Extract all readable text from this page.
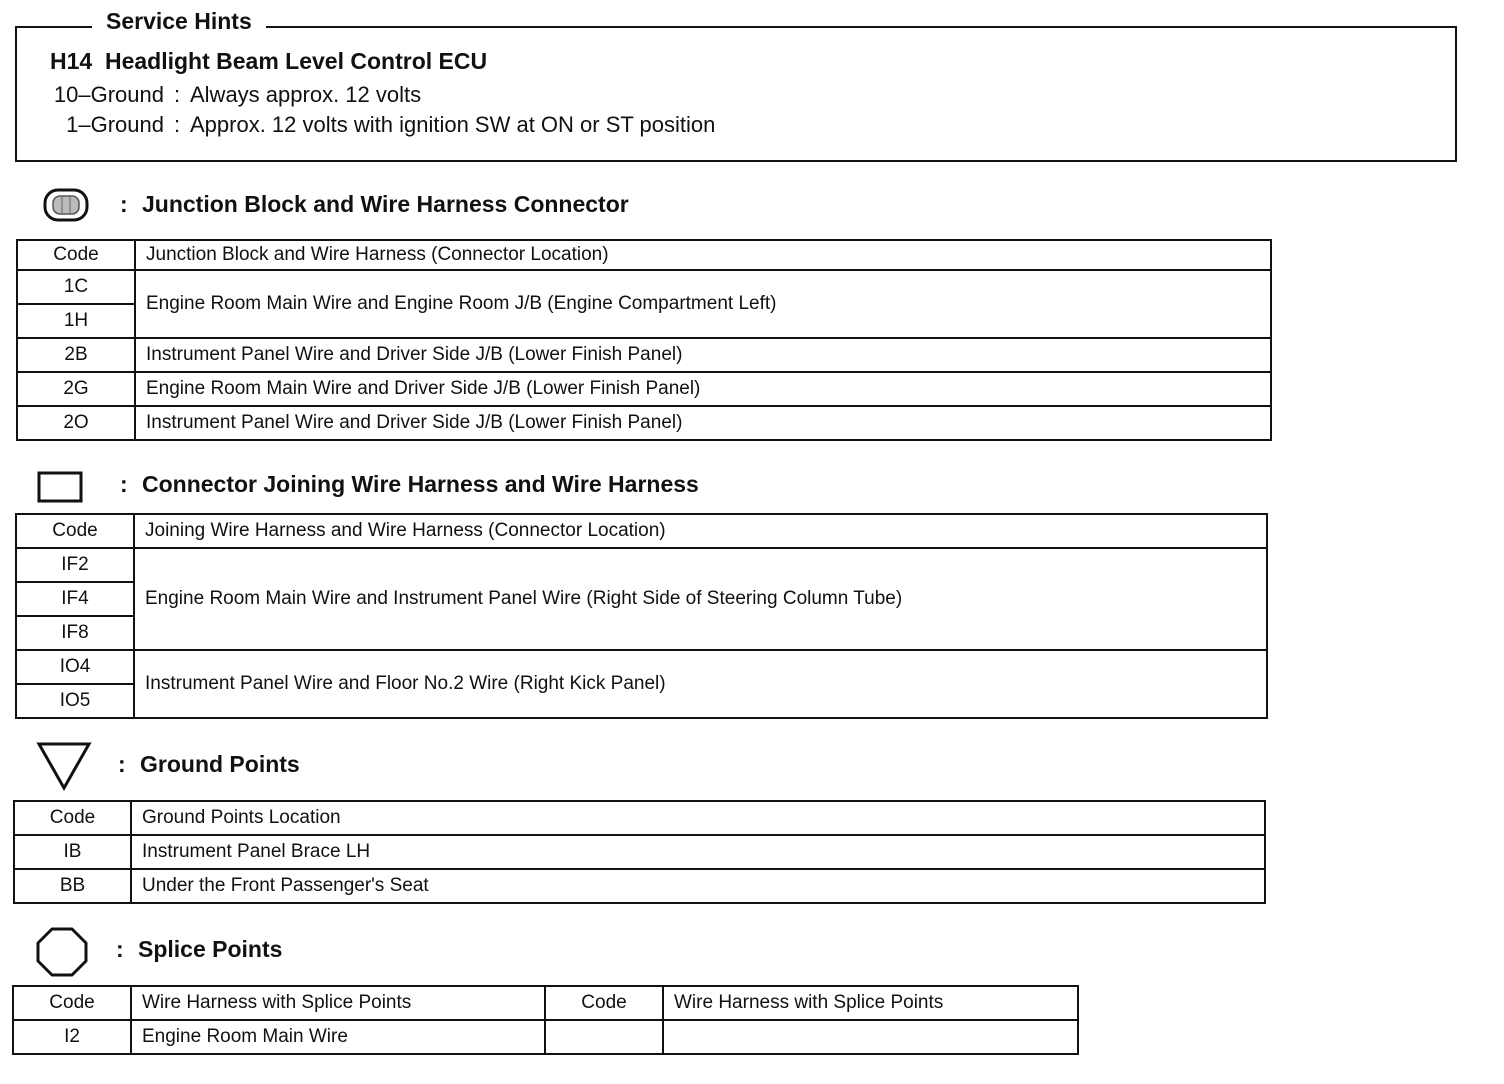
Service Hints
H14  Headlight Beam Level Control ECU
10–Ground : Always approx. 12 volts
1–Ground : Approx. 12 volts with ignition SW at ON or ST position
: Junction Block and Wire Harness Connector
Code	Junction Block and Wire Harness (Connector Location)
1C	Engine Room Main Wire and Engine Room J/B (Engine Compartment Left)
1H	
2B	Instrument Panel Wire and Driver Side J/B (Lower Finish Panel)
2G	Engine Room Main Wire and Driver Side J/B (Lower Finish Panel)
2O	Instrument Panel Wire and Driver Side J/B (Lower Finish Panel)
: Connector Joining Wire Harness and Wire Harness
Code	Joining Wire Harness and Wire Harness (Connector Location)
IF2	Engine Room Main Wire and Instrument Panel Wire (Right Side of Steering Column Tube)
IF4	
IF8	
IO4	Instrument Panel Wire and Floor No.2 Wire (Right Kick Panel)
IO5	
: Ground Points
Code	Ground Points Location
IB	Instrument Panel Brace LH
BB	Under the Front Passenger's Seat
: Splice Points
Code	Wire Harness with Splice Points	Code	Wire Harness with Splice Points
I2	Engine Room Main Wire		
